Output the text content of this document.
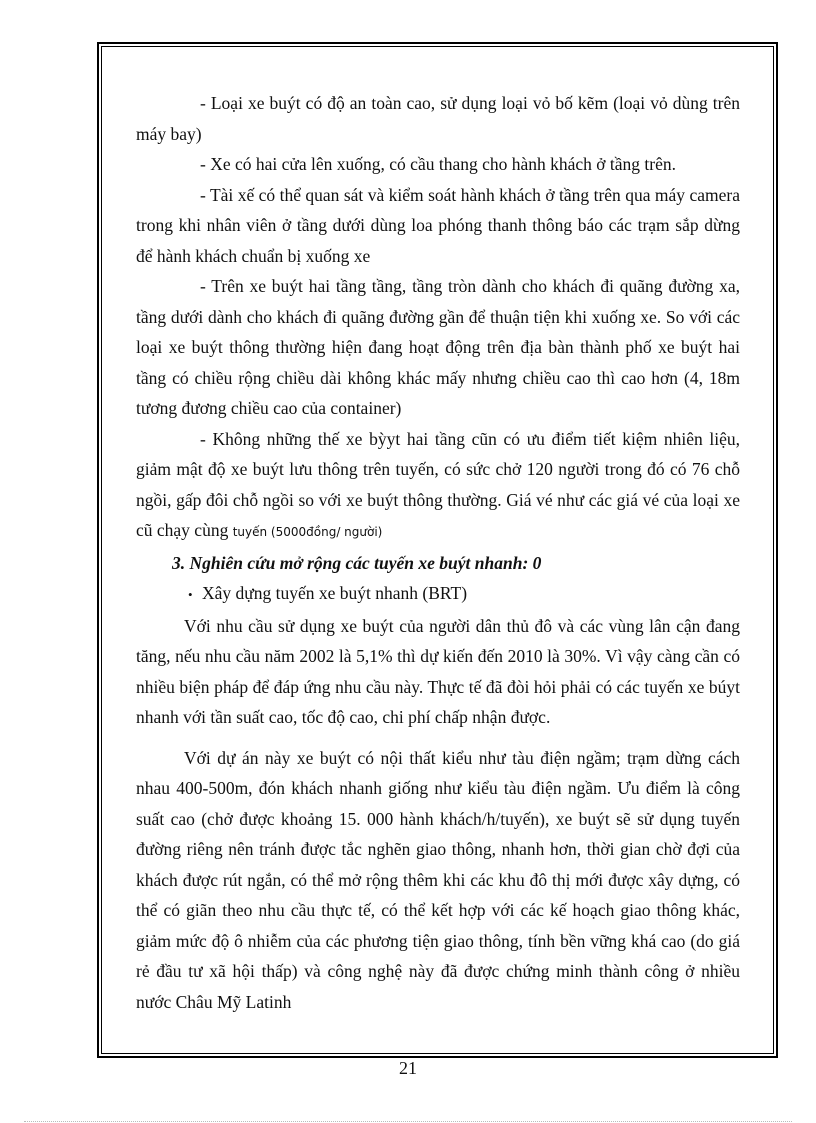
- Loại xe buýt có độ an toàn cao, sử dụng loại vỏ bố kẽm (loại vỏ dùng trên máy bay)

- Xe có hai cửa lên xuống, có cầu thang cho hành khách ở tầng trên.

- Tài xế có thể quan sát và kiểm soát hành khách ở tầng trên qua máy camera trong khi nhân viên ở tầng dưới dùng loa phóng thanh thông báo các trạm sắp dừng để hành khách chuẩn bị xuống xe

- Trên xe buýt hai tầng tầng, tầng tròn dành cho khách đi quãng đường xa, tầng dưới dành cho khách đi quãng đường gần để thuận tiện khi xuống xe. So với các loại xe buýt thông thường hiện đang hoạt động trên địa bàn thành phố xe buýt hai tầng có chiều rộng chiều dài không khác mấy nhưng chiều cao thì cao hơn (4, 18m tương đương chiều cao của container)

- Không những thế xe bỳyt hai tầng cũn có ưu điểm tiết kiệm nhiên liệu, giảm mật độ xe buýt lưu thông trên tuyến, có sức chở 120 người trong đó có 76 chỗ ngồi, gấp đôi chỗ ngồi so với xe buýt thông thường. Giá vé như các giá vé của loại xe cũ chạy cùng tuyến (5000đồng/ người)

3. Nghiên cứu mở rộng các tuyến xe buýt nhanh: 0

• Xây dựng tuyến xe buýt nhanh (BRT)

Với nhu cầu sử dụng xe buýt của người dân thủ đô và các vùng lân cận đang tăng, nếu nhu cầu năm 2002 là 5,1% thì dự kiến đến 2010 là 30%. Vì vậy càng cần có nhiều biện pháp để đáp ứng nhu cầu này. Thực tế đã đòi hỏi phải có các tuyến xe búyt nhanh với tần suất cao, tốc độ cao, chi phí chấp nhận được.

Với dự án này xe buýt có nội thất kiểu như tàu điện ngầm; trạm dừng cách nhau 400-500m, đón khách nhanh giống như kiểu tàu điện ngầm. Ưu điểm là công suất cao (chở được khoảng 15. 000 hành khách/h/tuyến), xe buýt sẽ sử dụng tuyến đường riêng nên tránh được tắc nghẽn giao thông, nhanh hơn, thời gian chờ đợi của khách được rút ngắn, có thể mở rộng thêm khi các khu đô thị mới được xây dựng, có thể có giãn theo nhu cầu thực tế, có thể kết hợp với các kế hoạch giao thông khác, giảm mức độ ô nhiễm của các phương tiện giao thông, tính bền vững khá cao (do giá rẻ đầu tư xã hội thấp) và công nghệ này đã được chứng minh thành công ở nhiều nước Châu Mỹ Latinh

21
